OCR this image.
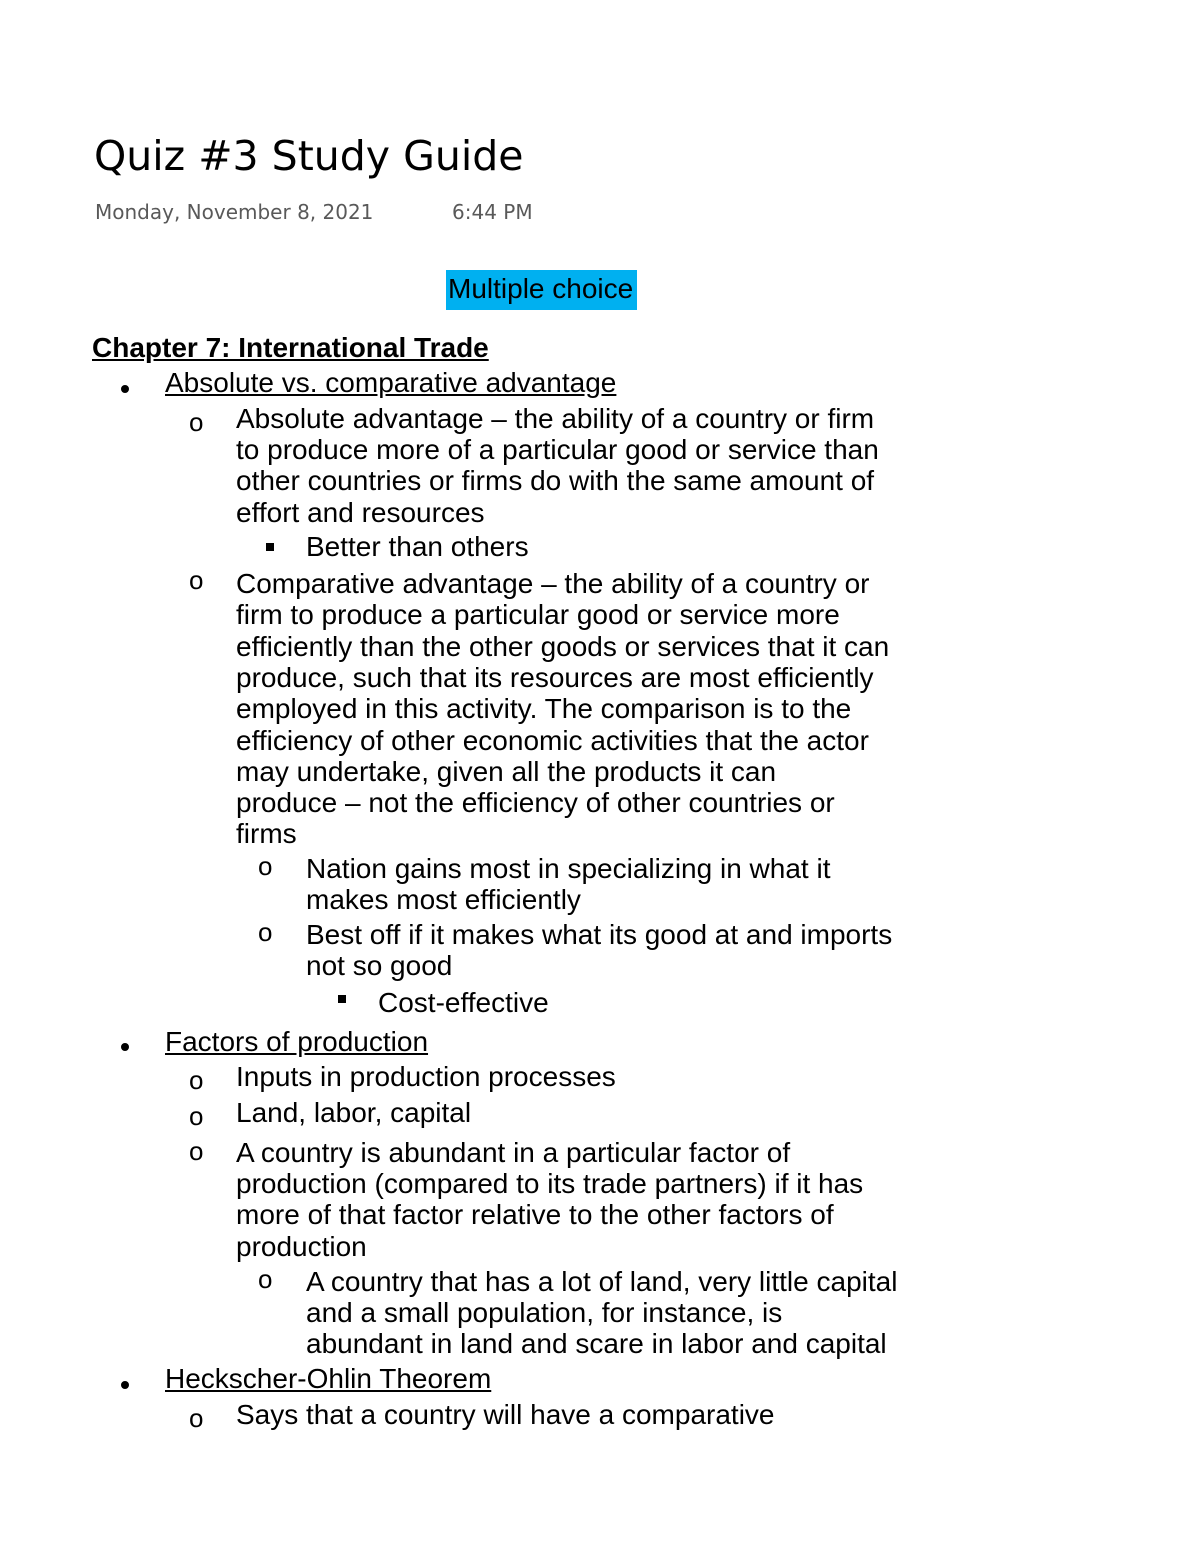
Quiz #3 Study Guide
Monday, November 8, 2021	6:44 PM
Multiple choice
Chapter 7: International Trade
Absolute vs. comparative advantage
o Absolute advantage – the ability of a country or firm
to produce more of a particular good or service than
other countries or firms do with the same amount of
effort and resources
Better than others
o Comparative advantage – the ability of a country or
firm to produce a particular good or service more
efficiently than the other goods or services that it can
produce, such that its resources are most efficiently
employed in this activity. The comparison is to the
efficiency of other economic activities that the actor
may undertake, given all the products it can
produce – not the efficiency of other countries or
firms
o Nation gains most in specializing in what it
makes most efficiently
o Best off if it makes what its good at and imports
not so good
Cost-effective
Factors of production
o Inputs in production processes
o Land, labor, capital
o A country is abundant in a particular factor of
production (compared to its trade partners) if it has
more of that factor relative to the other factors of
production
o A country that has a lot of land, very little capital
and a small population, for instance, is
abundant in land and scare in labor and capital
Heckscher-Ohlin Theorem
o Says that a country will have a comparative
